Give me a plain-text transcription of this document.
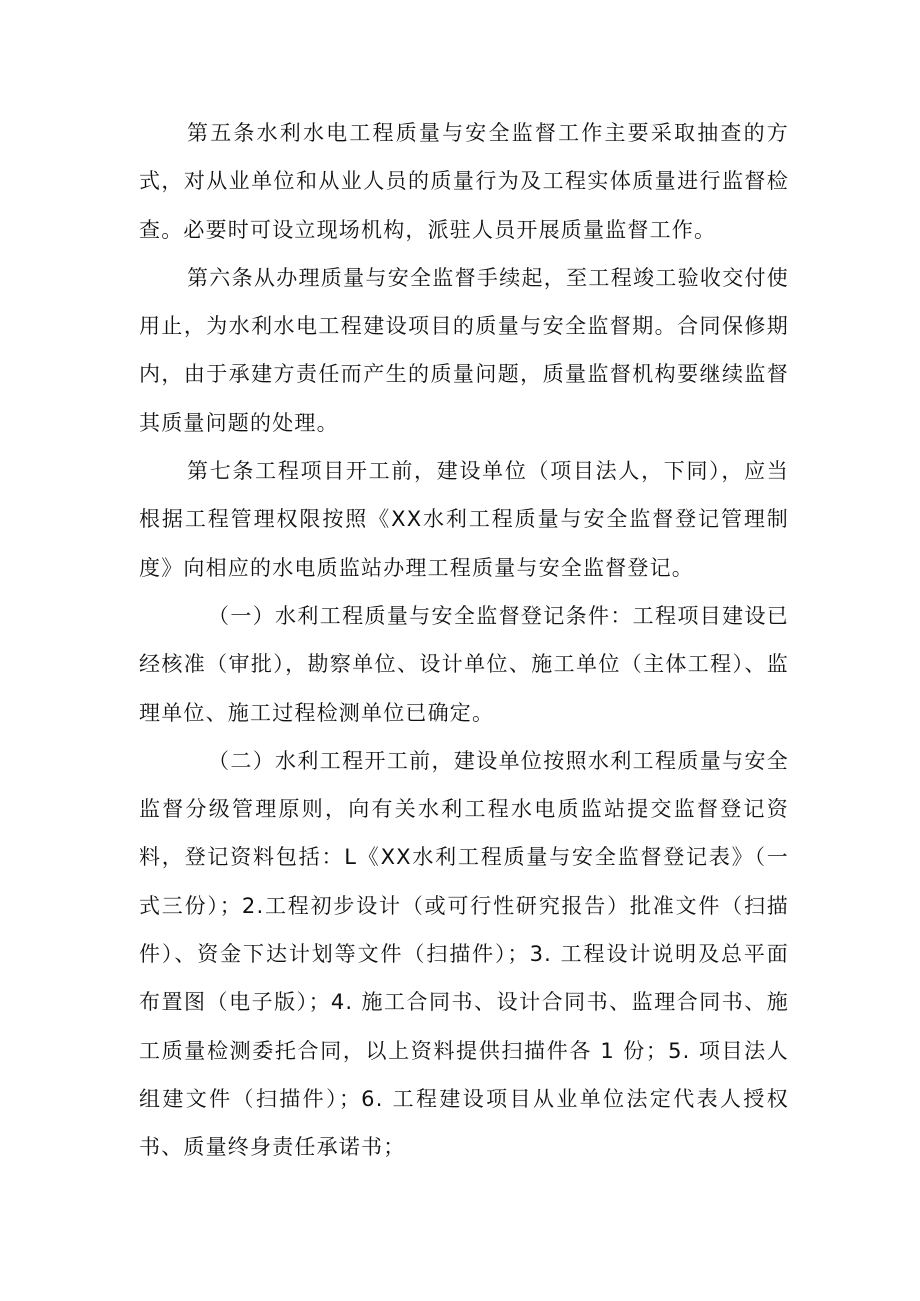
第五条水利水电工程质量与安全监督工作主要采取抽查的方式，对从业单位和从业人员的质量行为及工程实体质量进行监督检查。必要时可设立现场机构，派驻人员开展质量监督工作。

第六条从办理质量与安全监督手续起，至工程竣工验收交付使用止，为水利水电工程建设项目的质量与安全监督期。合同保修期内，由于承建方责任而产生的质量问题，质量监督机构要继续监督其质量问题的处理。

第七条工程项目开工前，建设单位（项目法人，下同），应当根据工程管理权限按照《XX水利工程质量与安全监督登记管理制度》向相应的水电质监站办理工程质量与安全监督登记。

（一）水利工程质量与安全监督登记条件：工程项目建设已经核准（审批），勘察单位、设计单位、施工单位（主体工程）、监理单位、施工过程检测单位已确定。

（二）水利工程开工前，建设单位按照水利工程质量与安全监督分级管理原则，向有关水利工程水电质监站提交监督登记资料，登记资料包括：L《XX水利工程质量与安全监督登记表》（一式三份）；2.工程初步设计（或可行性研究报告）批准文件（扫描件）、资金下达计划等文件（扫描件）；3. 工程设计说明及总平面布置图（电子版）；4. 施工合同书、设计合同书、监理合同书、施工质量检测委托合同，以上资料提供扫描件各 1 份；5. 项目法人组建文件（扫描件）；6. 工程建设项目从业单位法定代表人授权书、质量终身责任承诺书；
